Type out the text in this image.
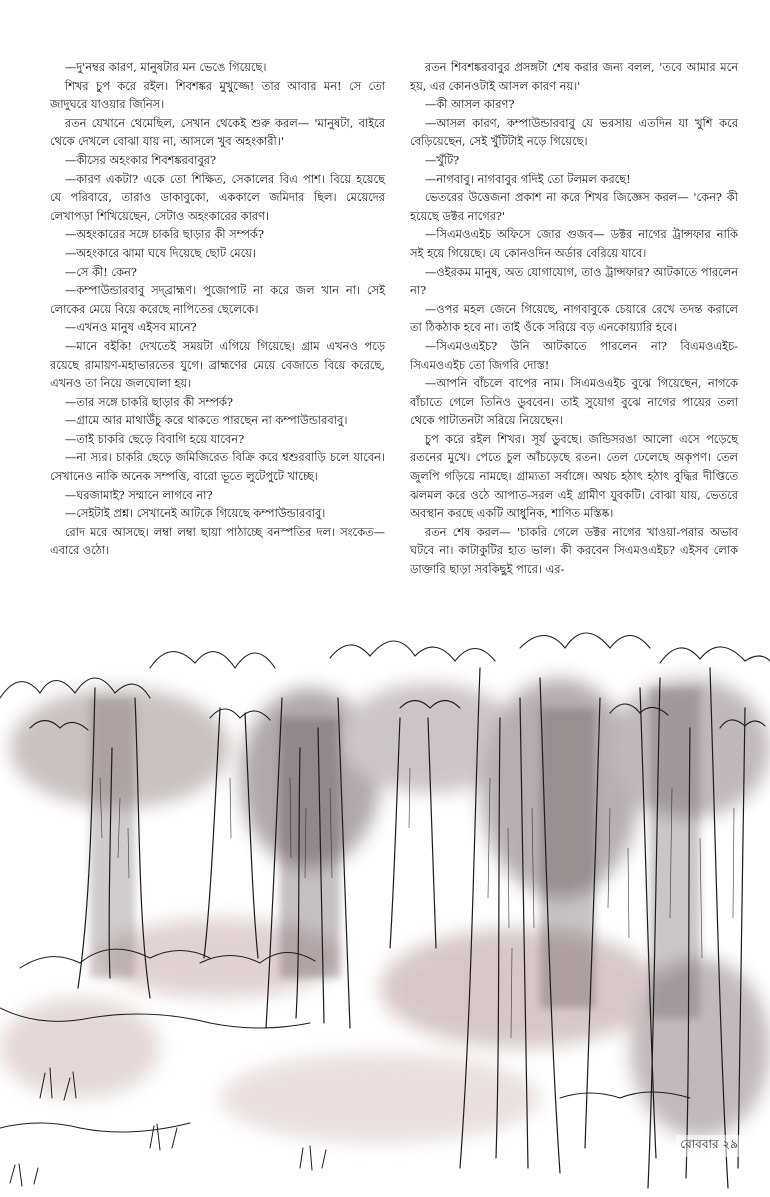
—দু'নম্বর কারণ, মানুষটার মন ভেঙে গিয়েছে।

শিখর চুপ করে রইল। শিবশঙ্কর মুখুজ্জে! তার আবার মন! সে তো জাদুঘরে যাওয়ার জিনিস।

রতন যেখানে থেমেছিল, সেখান থেকেই শুরু করল— 'মানুষটা, বাইরে থেকে দেখলে বোঝা যায় না, আসলে খুব অহংকারী।'

—কীসের অহংকার শিবশঙ্করবাবুর?

—কারণ একটা? একে তো শিক্ষিত, সেকালের বিএ পাশ। বিয়ে হয়েছে যে পরিবারে, তারাও ডাকাবুকো, এককালে জমিদার ছিল। মেয়েদের লেখাপড়া শিখিয়েছেন, সেটাও অহংকারের কারণ।

—অহংকারের সঙ্গে চাকরি ছাড়ার কী সম্পর্ক?

—অহংকারে ঝামা ঘষে দিয়েছে ছোট মেয়ে।

—সে কী! কেন?

—কম্পাউন্ডারবাবু সদ্‌ব্রাহ্মণ। পুজোপাট না করে জল খান না। সেই লোকের মেয়ে বিয়ে করেছে নাপিতের ছেলেকে।

—এখনও মানুষ এইসব মানে?

—মানে বইকি! দেখতেই সময়টা এগিয়ে গিয়েছে। গ্রাম এখনও পড়ে রয়েছে রামায়ণ-মহাভারতের যুগে। ব্রাহ্মণের মেয়ে বেজাতে বিয়ে করেছে, এখনও তা নিয়ে জলঘোলা হয়।

—তার সঙ্গে চাকরি ছাড়ার কী সম্পর্ক?

—গ্রামে আর মাথাউঁচু করে থাকতে পারছেন না কম্পাউন্ডারবাবু।

—তাই চাকরি ছেড়ে বিবাগি হয়ে যাবেন?

—না স্যর। চাকরি ছেড়ে জমিজিরেত বিক্রি করে শ্বশুরবাড়ি চলে যাবেন। সেখানেও নাকি অনেক সম্পত্তি, বারো ভূতে লুটেপুটে খাচ্ছে।

—ঘরজামাই? সম্মানে লাগবে না?

—সেইটাই প্রশ্ন। সেখানেই আটকে গিয়েছে কম্পাউন্ডারবাবু।

রোদ মরে আসছে। লম্বা লম্বা ছায়া পাঠাচ্ছে বনস্পতির দল। সংকেত— এবারে ওঠো।

রতন শিবশঙ্করবাবুর প্রসঙ্গটা শেষ করার জন্য বলল, 'তবে আমার মনে হয়, এর কোনওটাই আসল কারণ নয়।'

—কী আসল কারণ?

—আসল কারণ, কম্পাউন্ডারবাবু যে ভরসায় এতদিন যা খুশি করে বেড়িয়েছেন, সেই খুঁটিটাই নড়ে গিয়েছে।

—খুঁটি?

—নাগবাবু। নাগবাবুর গদিই তো টলমল করছে!

ভেতরের উত্তেজনা প্রকাশ না করে শিখর জিজ্ঞেস করল— 'কেন? কী হয়েছে ডক্টর নাগের?'

—সিএমওএইচ অফিসে জোর গুজব— ডক্টর নাগের ট্রান্সফার নাকি সই হয়ে গিয়েছে। যে কোনওদিন অর্ডার বেরিয়ে যাবে।

—ওইরকম মানুষ, অত যোগাযোগ, তাও ট্রান্সফার? আটকাতে পারলেন না?

—ওপর মহল জেনে গিয়েছে, নাগবাবুকে চেয়ারে রেখে তদন্ত করালে তা ঠিকঠাক হবে না। তাই ওঁকে সরিয়ে বড় এনকোয়্যারি হবে।

—সিএমওএইচ? উনি আটকাতে পারলেন না? বিএমওএইচ-সিএমওএইচ তো জিগরি দোস্ত!

—আপনি বাঁচলে বাপের নাম। সিএমওএইচ বুঝে গিয়েছেন, নাগকে বাঁচাতে গেলে তিনিও ডুববেন। তাই সুযোগ বুঝে নাগের পায়ের তলা থেকে পাটাতনটা সরিয়ে নিয়েছেন।

চুপ করে রইল শিখর। সূর্য ডুবছে। জন্ডিসরঙা আলো এসে পড়েছে রতনের মুখে। পেতে চুল আঁচড়েছে রতন। তেল ঢেলেছে অকৃপণ। তেল জুলপি গড়িয়ে নামছে। গ্রাম্যতা সর্বাঙ্গে। অথচ হঠাৎ হঠাৎ বুদ্ধির দীপ্তিতে ঝলমল করে ওঠে আপাত-সরল এই গ্রামীণ যুবকটি। বোঝা যায়, ভেতরে অবস্থান করছে একটি আধুনিক, শাণিত মস্তিষ্ক।

রতন শেষ করল— 'চাকরি গেলে ডক্টর নাগের খাওয়া-পরার অভাব ঘটবে না। কাটাকুটির হাত ভাল। কী করবেন সিএমওএইচ? এইসব লোক ডাক্তারি ছাড়া সবকিছুই পারে। এর-

রোববার ২৯
